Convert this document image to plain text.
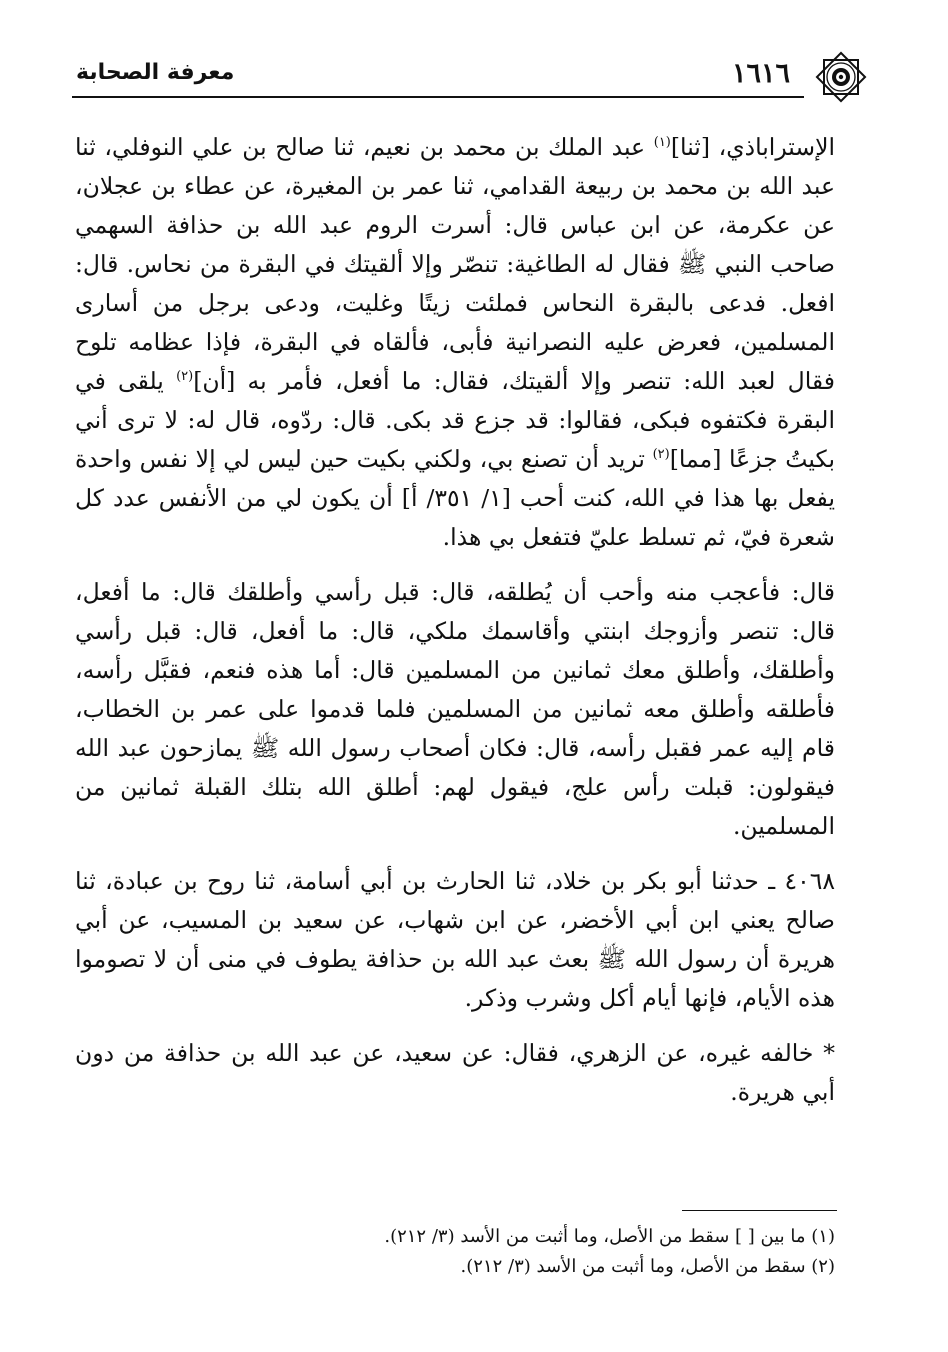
١٦١٦
معرفة الصحابة

الإستراباذي، [ثنا]$^{(١)}$ عبد الملك بن محمد بن نعيم، ثنا صالح بن علي النوفلي، ثنا عبد الله بن محمد بن ربيعة القدامي، ثنا عمر بن المغيرة، عن عطاء بن عجلان، عن عكرمة، عن ابن عباس قال: أسرت الروم عبد الله بن حذافة السهمي صاحب النبي ﷺ فقال له الطاغية: تنصّر وإلا ألقيتك في البقرة من نحاس. قال: افعل. فدعى بالبقرة النحاس فملئت زيتًا وغليت، ودعى برجل من أسارى المسلمين، فعرض عليه النصرانية فأبى، فألقاه في البقرة، فإذا عظامه تلوح فقال لعبد الله: تنصر وإلا ألقيتك، فقال: ما أفعل، فأمر به [أن]$^{(٢)}$ يلقى في البقرة فكتفوه فبكى، فقالوا: قد جزع قد بكى. قال: ردّوه، قال له: لا ترى أني بكيتُ جزعًا [مما]$^{(٢)}$ تريد أن تصنع بي، ولكني بكيت حين ليس لي إلا نفس واحدة يفعل بها هذا في الله، كنت أحب [١/ ٣٥١/ أ] أن يكون لي من الأنفس عدد كل شعرة فيّ، ثم تسلط عليّ فتفعل بي هذا.

قال: فأعجب منه وأحب أن يُطلقه، قال: قبل رأسي وأطلقك قال: ما أفعل، قال: تنصر وأزوجك ابنتي وأقاسمك ملكي، قال: ما أفعل، قال: قبل رأسي وأطلقك، وأطلق معك ثمانين من المسلمين قال: أما هذه فنعم، فقبَّل رأسه، فأطلقه وأطلق معه ثمانين من المسلمين فلما قدموا على عمر بن الخطاب، قام إليه عمر فقبل رأسه، قال: فكان أصحاب رسول الله ﷺ يمازحون عبد الله فيقولون: قبلت رأس علج، فيقول لهم: أطلق الله بتلك القبلة ثمانين من المسلمين.

٤٠٦٨ ـ حدثنا أبو بكر بن خلاد، ثنا الحارث بن أبي أسامة، ثنا روح بن عبادة، ثنا صالح يعني ابن أبي الأخضر، عن ابن شهاب، عن سعيد بن المسيب، عن أبي هريرة أن رسول الله ﷺ بعث عبد الله بن حذافة يطوف في منى أن لا تصوموا هذه الأيام، فإنها أيام أكل وشرب وذكر.

* خالفه غيره، عن الزهري، فقال: عن سعيد، عن عبد الله بن حذافة من دون أبي هريرة.

(١) ما بين [ ] سقط من الأصل، وما أثبت من الأسد (٣/ ٢١٢).
(٢) سقط من الأصل، وما أثبت من الأسد (٣/ ٢١٢).
